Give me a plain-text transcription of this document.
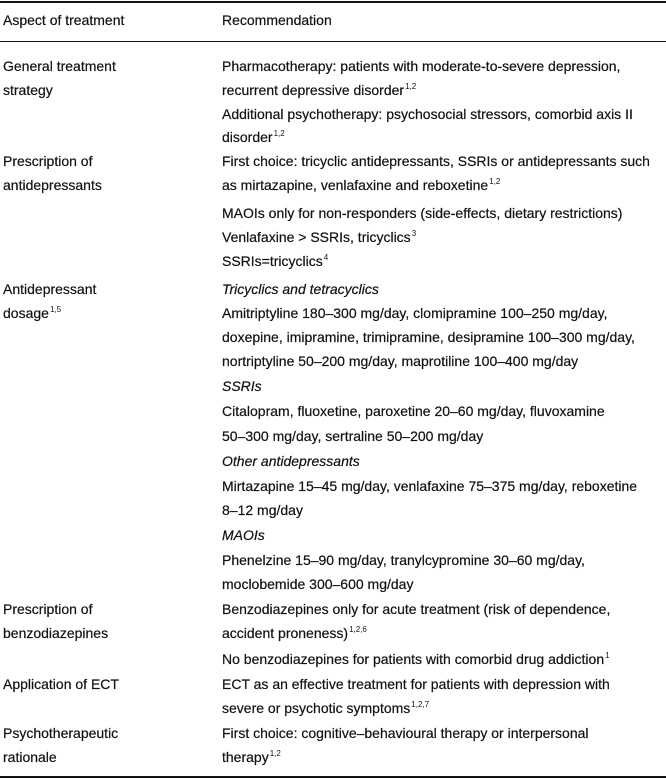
Aspect of treatment	Recommendation
General treatment
strategy
Pharmacotherapy: patients with moderate-to-severe depression,
recurrent depressive disorder$^{1,2}$
Additional psychotherapy: psychosocial stressors, comorbid axis II
disorder$^{1,2}$
Prescription of
antidepressants
First choice: tricyclic antidepressants, SSRIs or antidepressants such
as mirtazapine, venlafaxine and reboxetine$^{1,2}$
MAOIs only for non-responders (side-effects, dietary restrictions)
Venlafaxine > SSRIs, tricyclics$^3$
SSRIs=tricyclics$^4$
Antidepressant
dosage$^{1,5}$
Tricyclics and tetracyclics
Amitriptyline 180–300 mg/day, clomipramine 100–250 mg/day,
doxepine, imipramine, trimipramine, desipramine 100–300 mg/day,
nortriptyline 50–200 mg/day, maprotiline 100–400 mg/day
SSRIs
Citalopram, fluoxetine, paroxetine 20–60 mg/day, fluvoxamine
50–300 mg/day, sertraline 50–200 mg/day
Other antidepressants
Mirtazapine 15–45 mg/day, venlafaxine 75–375 mg/day, reboxetine
8–12 mg/day
MAOIs
Phenelzine 15–90 mg/day, tranylcypromine 30–60 mg/day,
moclobemide 300–600 mg/day
Prescription of
benzodiazepines
Benzodiazepines only for acute treatment (risk of dependence,
accident proneness)$^{1,2,6}$
No benzodiazepines for patients with comorbid drug addiction$^1$
Application of ECT	ECT as an effective treatment for patients with depression with
severe or psychotic symptoms$^{1,2,7}$
Psychotherapeutic
rationale
First choice: cognitive–behavioural therapy or interpersonal
therapy$^{1,2}$
